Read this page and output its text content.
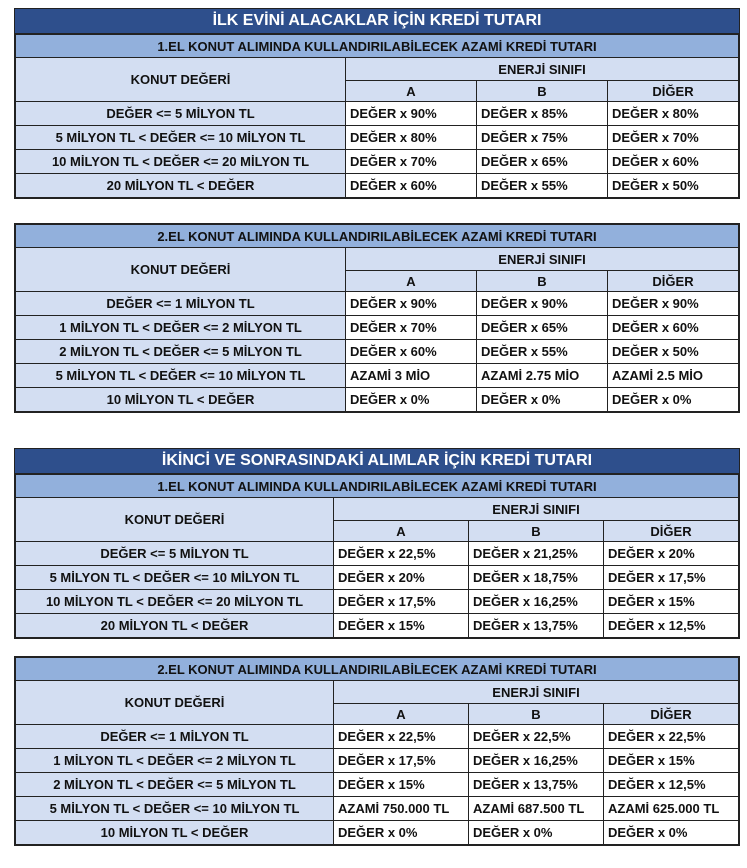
İLK EVİNİ ALACAKLAR İÇİN KREDİ TUTARI
1.EL KONUT ALIMINDA KULLANDIRILABİLECEK AZAMİ KREDİ TUTARI			
KONUT DEĞERİ	ENERJİ SINIFI		
	A	B	DİĞER
DEĞER <= 5 MİLYON TL	DEĞER x 90%	DEĞER x 85%	DEĞER x 80%
5 MİLYON TL < DEĞER <= 10 MİLYON TL	DEĞER x 80%	DEĞER x 75%	DEĞER x 70%
10 MİLYON TL < DEĞER <= 20 MİLYON TL	DEĞER x 70%	DEĞER x 65%	DEĞER x 60%
20 MİLYON TL < DEĞER	DEĞER x 60%	DEĞER x 55%	DEĞER x 50%
2.EL KONUT ALIMINDA KULLANDIRILABİLECEK AZAMİ KREDİ TUTARI			
KONUT DEĞERİ	ENERJİ SINIFI		
	A	B	DİĞER
DEĞER <= 1 MİLYON TL	DEĞER x 90%	DEĞER x 90%	DEĞER x 90%
1 MİLYON TL < DEĞER <= 2 MİLYON TL	DEĞER x 70%	DEĞER x 65%	DEĞER x 60%
2 MİLYON TL < DEĞER <= 5 MİLYON TL	DEĞER x 60%	DEĞER x 55%	DEĞER x 50%
5 MİLYON TL < DEĞER <= 10 MİLYON TL	AZAMİ 3 MİO	AZAMİ 2.75 MİO	AZAMİ 2.5 MİO
10 MİLYON TL < DEĞER	DEĞER x 0%	DEĞER x 0%	DEĞER x 0%
İKİNCİ VE SONRASINDAKİ ALIMLAR İÇİN KREDİ TUTARI
1.EL KONUT ALIMINDA KULLANDIRILABİLECEK AZAMİ KREDİ TUTARI			
KONUT DEĞERİ	ENERJİ SINIFI		
	A	B	DİĞER
DEĞER <= 5 MİLYON TL	DEĞER x 22,5%	DEĞER x 21,25%	DEĞER x 20%
5 MİLYON TL < DEĞER <= 10 MİLYON TL	DEĞER x 20%	DEĞER x 18,75%	DEĞER x 17,5%
10 MİLYON TL < DEĞER <= 20 MİLYON TL	DEĞER x 17,5%	DEĞER x 16,25%	DEĞER x 15%
20 MİLYON TL < DEĞER	DEĞER x 15%	DEĞER x 13,75%	DEĞER x 12,5%
2.EL KONUT ALIMINDA KULLANDIRILABİLECEK AZAMİ KREDİ TUTARI			
KONUT DEĞERİ	ENERJİ SINIFI		
	A	B	DİĞER
DEĞER <= 1 MİLYON TL	DEĞER x 22,5%	DEĞER x 22,5%	DEĞER x 22,5%
1 MİLYON TL < DEĞER <= 2 MİLYON TL	DEĞER x 17,5%	DEĞER x 16,25%	DEĞER x 15%
2 MİLYON TL < DEĞER <= 5 MİLYON TL	DEĞER x 15%	DEĞER x 13,75%	DEĞER x 12,5%
5 MİLYON TL < DEĞER <= 10 MİLYON TL	AZAMİ 750.000 TL	AZAMİ 687.500 TL	AZAMİ 625.000 TL
10 MİLYON TL < DEĞER	DEĞER x 0%	DEĞER x 0%	DEĞER x 0%
